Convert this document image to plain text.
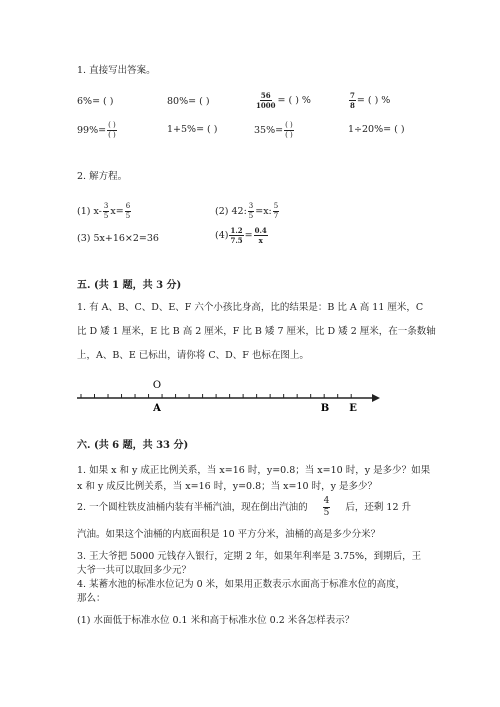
1. 直接写出答案。
6%= ( )	80%= ( )	$\frac{56}{1000}$ = ( ) %	$\frac{7}{8}$ = ( ) %
$99\%= \frac{( )}{( )}$	1+5%= ( )	$35\%= \frac{( )}{( )}$	1÷20%= ( )
2. 解方程。
(1) $x- \frac{3}{5} x= \frac{6}{5}$	(2) 42: $\frac{3}{5} =x$: $\frac{5}{7}$
(3) 5x+16×2=36	$(4) \frac{1.2}{7.5} = \frac{0.4}{x}$
五. (共 1 题，共 3 分)
1. 有 A、B、C、D、E、F 六个小孩比身高，比的结果是：B 比 A 高 11 厘米，C
比 D 矮 1 厘米，E 比 B 高 2 厘米，F 比 B 矮 7 厘米，比 D 矮 2 厘米，在一条数轴
上，A、B、E 已标出，请你将 C、D、F 也标在图上。
O
A	B E
六. (共 6 题，共 33 分)
1. 如果 x 和 y 成正比例关系，当 x=16 时，y=0.8；当 x=10 时，y 是多少？如果
x 和 y 成反比例关系，当 x=16 时，y=0.8；当 x=10 时，y 是多少？
2. 一个圆柱铁皮油桶内装有半桶汽油，现在倒出汽油的 $\frac{4}{5}$ 后，还剩 12 升
汽油。如果这个油桶的内底面积是 10 平方分米，油桶的高是多少分米？
3. 王大爷把 5000 元钱存入银行，定期 2 年，如果年利率是 3.75%，到期后，王
大爷一共可以取回多少元？
4. 某蓄水池的标准水位记为 0 米，如果用正数表示水面高于标准水位的高度，
那么：
(1) 水面低于标准水位 0.1 米和高于标准水位 0.2 米各怎样表示？
